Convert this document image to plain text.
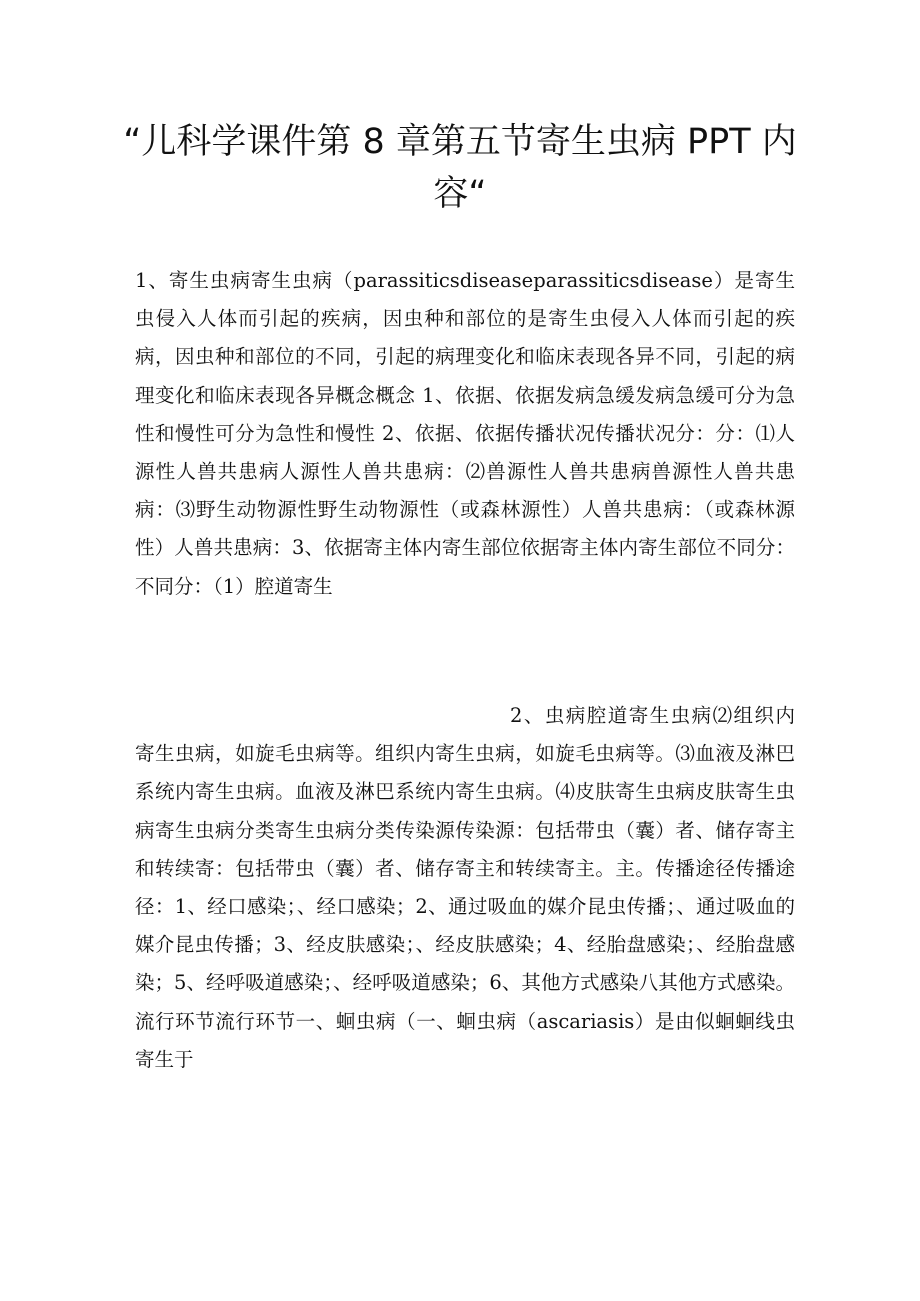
“儿科学课件第 8 章第五节寄生虫病 PPT 内容“

1、寄生虫病寄生虫病（parassiticsdiseaseparassiticsdisease）是寄生虫侵入人体而引起的疾病，因虫种和部位的是寄生虫侵入人体而引起的疾病，因虫种和部位的不同，引起的病理变化和临床表现各异不同，引起的病理变化和临床表现各异概念概念 1、依据、依据发病急缓发病急缓可分为急性和慢性可分为急性和慢性 2、依据、依据传播状况传播状况分：分：⑴人源性人兽共患病人源性人兽共患病：⑵兽源性人兽共患病兽源性人兽共患病：⑶野生动物源性野生动物源性（或森林源性）人兽共患病：（或森林源性）人兽共患病：3、依据寄主体内寄生部位依据寄主体内寄生部位不同分：不同分：（1）腔道寄生

2、虫病腔道寄生虫病⑵组织内寄生虫病，如旋毛虫病等。组织内寄生虫病，如旋毛虫病等。⑶血液及淋巴系统内寄生虫病。血液及淋巴系统内寄生虫病。⑷皮肤寄生虫病皮肤寄生虫病寄生虫病分类寄生虫病分类传染源传染源：包括带虫（囊）者、储存寄主和转续寄：包括带虫（囊）者、储存寄主和转续寄主。主。传播途径传播途径：1、经口感染；、经口感染；2、通过吸血的媒介昆虫传播；、通过吸血的媒介昆虫传播；3、经皮肤感染；、经皮肤感染；4、经胎盘感染；、经胎盘感染；5、经呼吸道感染；、经呼吸道感染；6、其他方式感染八其他方式感染。流行环节流行环节一、蛔虫病（一、蛔虫病（ascariasis）是由似蛔蛔线虫寄生于
